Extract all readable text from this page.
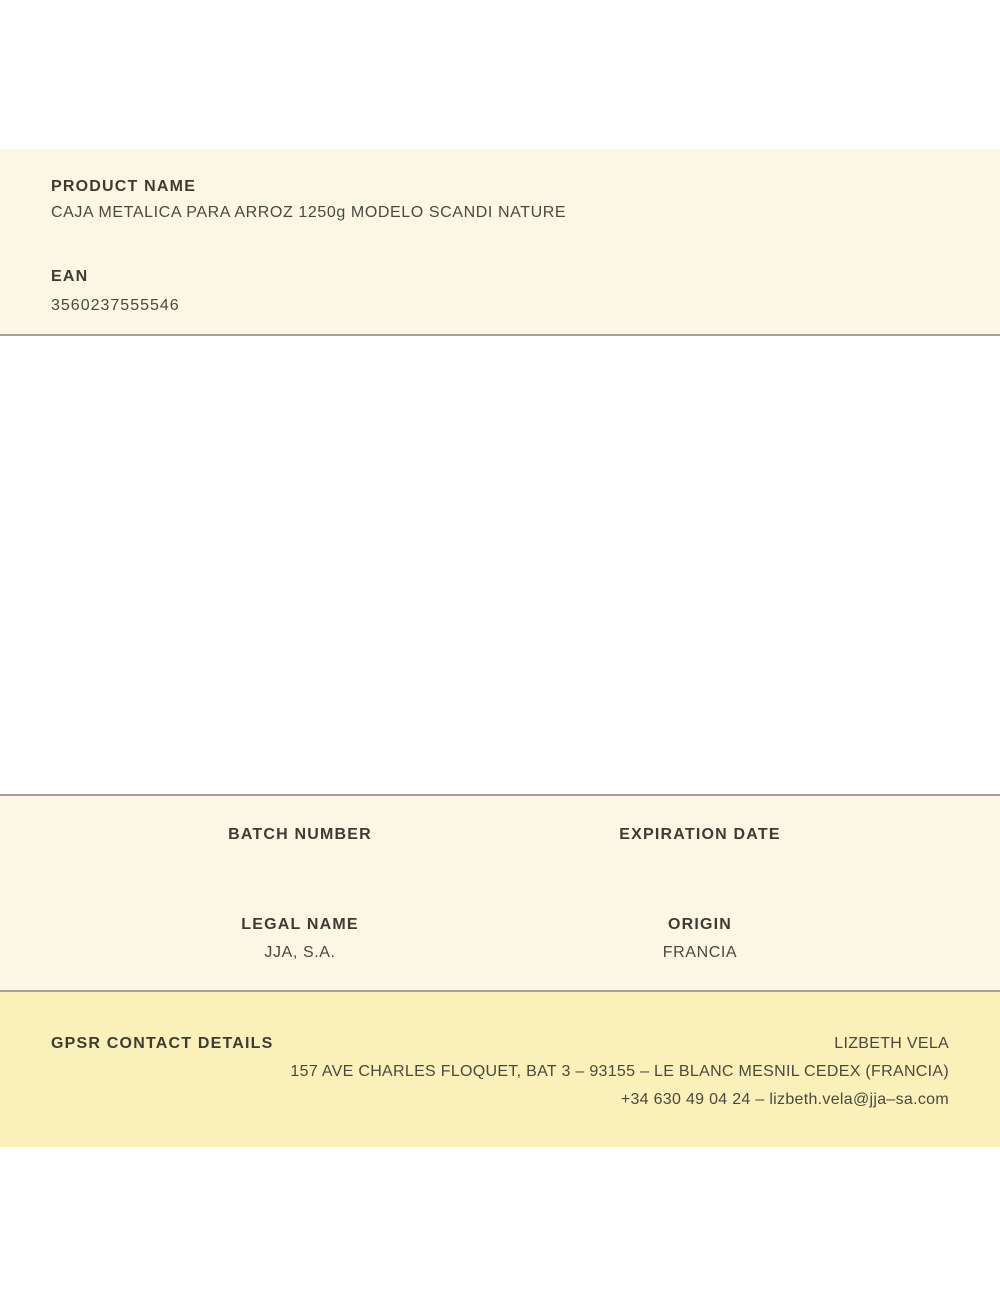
PRODUCT NAME
CAJA METALICA PARA ARROZ 1250g MODELO SCANDI NATURE
EAN
3560237555546
BATCH NUMBER	EXPIRATION DATE
LEGAL NAME
JJA, S.A.
ORIGIN
FRANCIA
GPSR CONTACT DETAILS	LIZBETH VELA
157 AVE CHARLES FLOQUET, BAT 3 – 93155 – LE BLANC MESNIL CEDEX (FRANCIA)
+34 630 49 04 24 – lizbeth.vela@jja–sa.com
